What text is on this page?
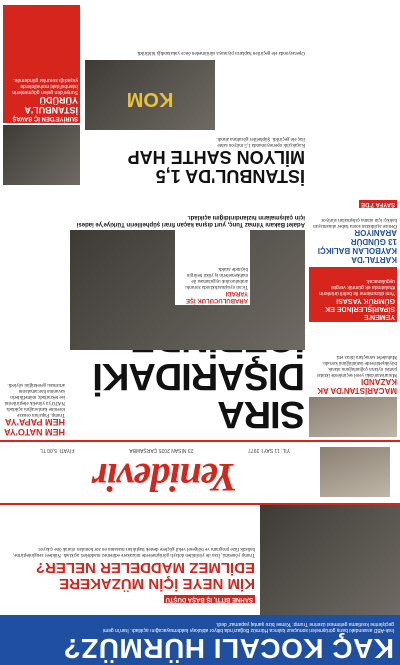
KAÇ KOCALI HÜRMÜZ?
Irak-ABD arasındaki barış görüşmeleri sonuçsuz kalınca Hürmüz Boğazı'nda bitiyor ablukayı kaldırmayacağını açıkladı. İran'ın gemi geçişlerine kısıtlama getirmesi üzerine Trump: 'Kimse bize şantaj yapamaz' dedi.
SAHNE BİTTİ, İŞ BAŞA DÜŞTÜ
KİM NEYE İÇİN MÜZAKERE EDİLMEZ MADDELER NELER?
Trump yönetimi, İran ile yürütülen dolaylı görüşmelerde müzakere edilemez maddeleri açıkladı. Nükleer zenginleştirme, balistik füze programı ve bölgesel vekil güçlere destek başlıkları masanın en zor konuları olarak öne çıkıyor.
Yenidevir
YIL: 11 SAYI: 3977
23 NİSAN 2025 ÇARŞAMBA
FİYATI: 5,00 TL
HEM NATO'YA HEM PAPA'YA
Trump, Papa'nın cenaze törenine katılacağını açıkladı. NATO'ya yönelik eleştirilerini ise tekrarladı; müttefiklerin savunma harcamalarını artırması gerektiğini söyledi.
SIRA DIŞARIDAKİ
Adalet Bakanı Yılmaz Tunç, yurt dışına kaçan firari şüphelilerin Türkiye'ye iadesi için çalışmaların hızlandırıldığını açıkladı.
ARABULUCULUK İŞE YARADI
Ticari uyuşmazlıklarda zorunlu arabuluculuk uygulaması ile mahkemelerin iş yükü belirgin biçimde azaldı.
MACARİSTAN'DA AK KAZANDI
Macaristan'daki yerel seçimlerde iktidar partisi oyların çoğunluğunu alarak büyükşehirlerde üstünlüğünü korudu. Muhalefet sonuçlara itiraz etti.
YEMEN'E SİPARİŞLERİNDE EK GÜMRÜK YASASI
Yeni düzenleme ile belirli ürünlerin ithalatında ek gümrük vergisi uygulanacak.
KARTAL'DA KAYBOLAN BALIKÇI 13 GÜNDÜR ARANIYOR
Denize açıldıktan sonra haber alınamayan balıkçı için arama çalışmaları sürüyor.
SAYFA 7'DE
İSTANBUL'DA 1,5 MİLYON SAHTE HAP
Kaçakçılık operasyonunda 1,5 milyon sahte ilaç ele geçirildi. Şüpheliler gözaltına alındı.
KOM
Operasyonda ele geçirilen hapların piyasaya sürülmeden önce yakalandığı bildirildi.
SURİYE'DEN İÇ SAVAŞ
İSTANBUL'A YÜRÜDÜ
Suriye'den gelen göçmenlerin İstanbul'daki mahallelerde yaşadığı sorunlar gündemde.
